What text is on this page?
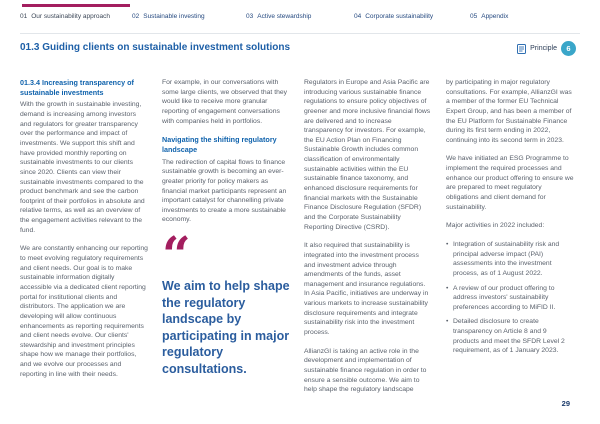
01 Our sustainability approach	02 Sustainable investing	03 Active stewardship	04 Corporate sustainability	05 Appendix
01.3 Guiding clients on sustainable investment solutions	Principle	6
01.3.4 Increasing transparency of sustainable investments

With the growth in sustainable investing, demand is increasing among investors and regulators for greater transparency over the performance and impact of investments. We support this shift and have provided monthly reporting on sustainable investments to our clients since 2020. Clients can view their sustainable investments compared to the product benchmark and see the carbon footprint of their portfolios in absolute and relative terms, as well as an overview of the engagement activities relevant to the fund.

We are constantly enhancing our reporting to meet evolving regulatory requirements and client needs. Our goal is to make sustainable information digitally accessible via a dedicated client reporting portal for institutional clients and distributors. The application we are developing will allow continuous enhancements as reporting requirements and client needs evolve. Our clients' stewardship and investment principles shape how we manage their portfolios, and we evolve our processes and reporting in line with their needs.

For example, in our conversations with some large clients, we observed that they would like to receive more granular reporting of engagement conversations with companies held in portfolios.

Navigating the shifting regulatory landscape

The redirection of capital flows to finance sustainable growth is becoming an ever-greater priority for policy makers as financial market participants represent an important catalyst for channelling private investments to create a more sustainable economy.

“
We aim to help shape the regulatory landscape by participating in major regulatory consultations.

Regulators in Europe and Asia Pacific are introducing various sustainable finance regulations to ensure policy objectives of greener and more inclusive financial flows are delivered and to increase transparency for investors. For example, the EU Action Plan on Financing Sustainable Growth includes common classification of environmentally sustainable activities within the EU sustainable finance taxonomy, and enhanced disclosure requirements for financial markets with the Sustainable Finance Disclosure Regulation (SFDR) and the Corporate Sustainability Reporting Directive (CSRD).

It also required that sustainability is integrated into the investment process and investment advice through amendments of the funds, asset management and insurance regulations. In Asia Pacific, initiatives are underway in various markets to increase sustainability disclosure requirements and integrate sustainability risk into the investment process.

AllianzGI is taking an active role in the development and implementation of sustainable finance regulation in order to ensure a sensible outcome. We aim to help shape the regulatory landscape

by participating in major regulatory consultations. For example, AllianzGI was a member of the former EU Technical Expert Group, and has been a member of the EU Platform for Sustainable Finance during its first term ending in 2022, continuing into its second term in 2023.

We have initiated an ESG Programme to implement the required processes and enhance our product offering to ensure we are prepared to meet regulatory obligations and client demand for sustainability.

Major activities in 2022 included:

• Integration of sustainability risk and principal adverse impact (PAI) assessments into the investment process, as of 1 August 2022.
• A review of our product offering to address investors' sustainability preferences according to MiFID II.
• Detailed disclosure to create transparency on Article 8 and 9 products and meet the SFDR Level 2 requirement, as of 1 January 2023.
29
